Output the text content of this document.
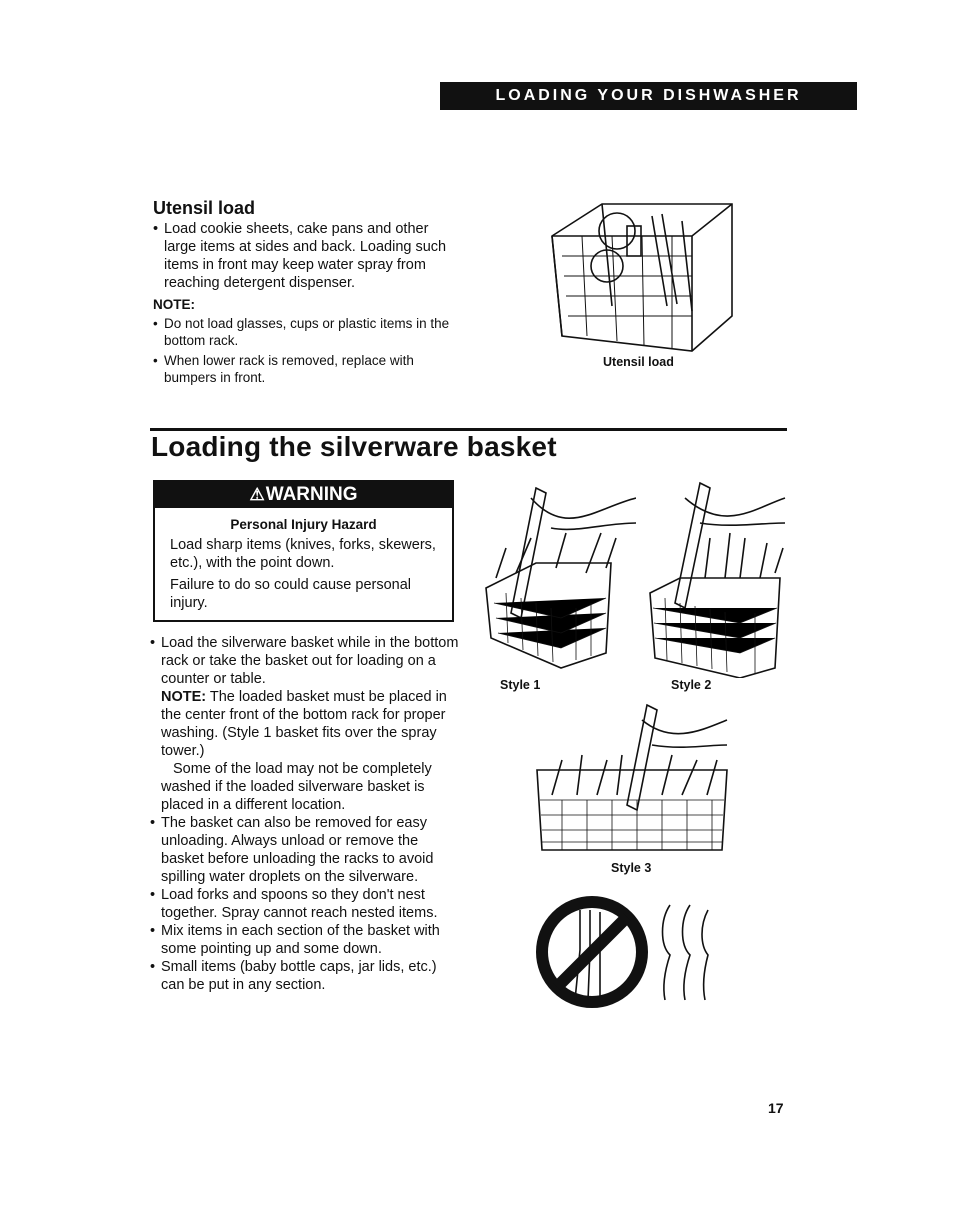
LOADING YOUR DISHWASHER
Utensil load
• Load cookie sheets, cake pans and other large items at sides and back. Loading such items in front may keep water spray from reaching detergent dispenser.
NOTE:
• Do not load glasses, cups or plastic items in the bottom rack.
• When lower rack is removed, replace with bumpers in front.
Utensil load
Loading the silverware basket
⚠ WARNING
Personal Injury Hazard
Load sharp items (knives, forks, skewers, etc.), with the point down.
Failure to do so could cause personal injury.
• Load the silverware basket while in the bottom rack or take the basket out for loading on a counter or table.
NOTE: The loaded basket must be placed in the center front of the bottom rack for proper washing. (Style 1 basket fits over the spray tower.)
Some of the load may not be completely washed if the loaded silverware basket is placed in a different location.
• The basket can also be removed for easy unloading. Always unload or remove the basket before unloading the racks to avoid spilling water droplets on the silverware.
• Load forks and spoons so they don't nest together. Spray cannot reach nested items.
• Mix items in each section of the basket with some pointing up and some down.
• Small items (baby bottle caps, jar lids, etc.) can be put in any section.
Style 1	Style 2
Style 3
17
